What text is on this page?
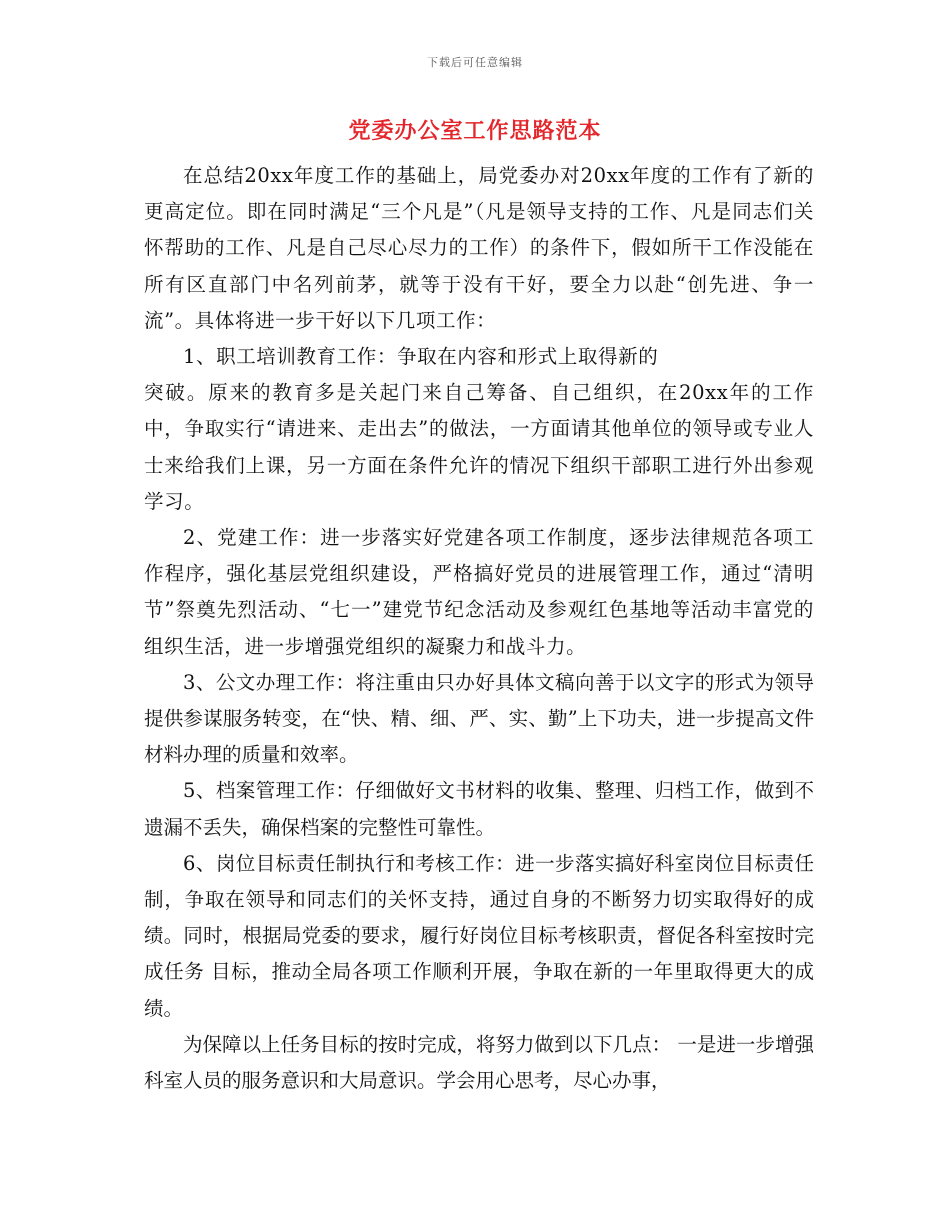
下载后可任意编辑
党委办公室工作思路范本

在总结20xx年度工作的基础上，局党委办对20xx年度的工作有了新的更高定位。即在同时满足“三个凡是”（凡是领导支持的工作、凡是同志们关怀帮助的工作、凡是自己尽心尽力的工作）的条件下，假如所干工作没能在所有区直部门中名列前茅，就等于没有干好，要全力以赴“创先进、争一流”。具体将进一步干好以下几项工作：

1、职工培训教育工作：争取在内容和形式上取得新的

突破。原来的教育多是关起门来自己筹备、自己组织，在20xx年的工作中，争取实行“请进来、走出去”的做法，一方面请其他单位的领导或专业人士来给我们上课，另一方面在条件允许的情况下组织干部职工进行外出参观学习。

2、党建工作：进一步落实好党建各项工作制度，逐步法律规范各项工作程序，强化基层党组织建设，严格搞好党员的进展管理工作，通过“清明节”祭奠先烈活动、“七一”建党节纪念活动及参观红色基地等活动丰富党的组织生活，进一步增强党组织的凝聚力和战斗力。

3、公文办理工作：将注重由只办好具体文稿向善于以文字的形式为领导提供参谋服务转变，在“快、精、细、严、实、勤”上下功夫，进一步提高文件材料办理的质量和效率。

5、档案管理工作：仔细做好文书材料的收集、整理、归档工作，做到不遗漏不丢失，确保档案的完整性可靠性。

6、岗位目标责任制执行和考核工作：进一步落实搞好科室岗位目标责任制，争取在领导和同志们的关怀支持，通过自身的不断努力切实取得好的成绩。同时，根据局党委的要求，履行好岗位目标考核职责，督促各科室按时完成任务 目标，推动全局各项工作顺利开展，争取在新的一年里取得更大的成绩。

为保障以上任务目标的按时完成，将努力做到以下几点： 一是进一步增强科室人员的服务意识和大局意识。学会用心思考，尽心办事，
